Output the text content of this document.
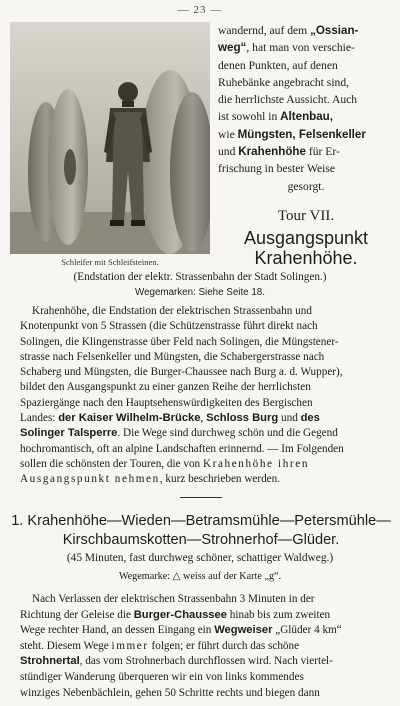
— 23 —
Schleifer mit Schleifsteinen.
wandernd, auf dem „Ossian-
weg“, hat man von verschie-
denen Punkten, auf denen
Ruhebänke angebracht sind,
die herrlichste Aussicht. Auch
ist sowohl in Altenbau,
wie Müngsten, Felsenkeller
und Krahenhöhe für Er-
frischung in bester Weise
gesorgt.
Tour VII.
Ausgangspunkt
Krahenhöhe.
(Endstation der elektr. Strassenbahn der Stadt Solingen.)
Wegemarken: Siehe Seite 18.
Krahenhöhe, die Endstation der elektrischen Strassenbahn und
Knotenpunkt von 5 Strassen (die Schützenstrasse führt direkt nach
Solingen, die Klingenstrasse über Feld nach Solingen, die Müngstener-
strasse nach Felsenkeller und Müngsten, die Schabergerstrasse nach
Schaberg und Müngsten, die Burger-Chaussee nach Burg a. d. Wupper),
bildet den Ausgangspunkt zu einer ganzen Reihe der herrlichsten
Spaziergänge nach den Hauptsehenswürdigkeiten des Bergischen
Landes: der Kaiser Wilhelm-Brücke, Schloss Burg und des
Solinger Talsperre. Die Wege sind durchweg schön und die Gegend
hochromantisch, oft an alpine Landschaften erinnernd. — Im Folgenden
sollen die schönsten der Touren, die von Krahenhöhe ihren
Ausgangspunkt nehmen, kurz beschrieben werden.
1. Krahenhöhe—Wieden—Betramsmühle—Petersmühle—
Kirschbaumskotten—Strohnerhof—Glüder.
(45 Minuten, fast durchweg schöner, schattiger Waldweg.)
Wegemarke: △ weiss auf der Karte „g“.
Nach Verlassen der elektrischen Strassenbahn 3 Minuten in der
Richtung der Geleise die Burger-Chaussee hinab bis zum zweiten
Wege rechter Hand, an dessen Eingang ein Wegweiser „Glüder 4 km“
steht. Diesem Wege immer folgen; er führt durch das schöne
Strohnertal, das vom Strohnerbach durchflossen wird. Nach viertel-
stündiger Wanderung überqueren wir ein von links kommendes
winziges Nebenbächlein, gehen 50 Schritte rechts und biegen dann
